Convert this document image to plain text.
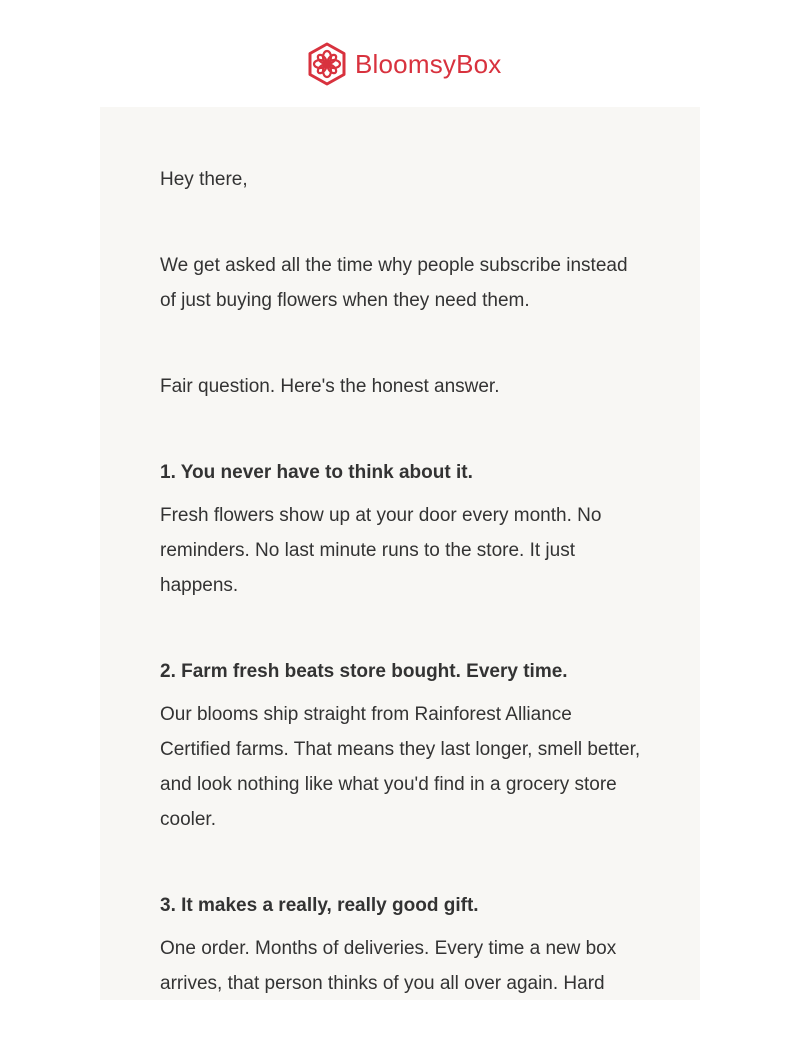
BloomsyBox

Hey there,

We get asked all the time why people subscribe instead of just buying flowers when they need them.

Fair question. Here's the honest answer.

1. You never have to think about it.

Fresh flowers show up at your door every month. No reminders. No last minute runs to the store. It just happens.

2. Farm fresh beats store bought. Every time.

Our blooms ship straight from Rainforest Alliance Certified farms. That means they last longer, smell better, and look nothing like what you'd find in a grocery store cooler.

3. It makes a really, really good gift.

One order. Months of deliveries. Every time a new box arrives, that person thinks of you all over again. Hard
